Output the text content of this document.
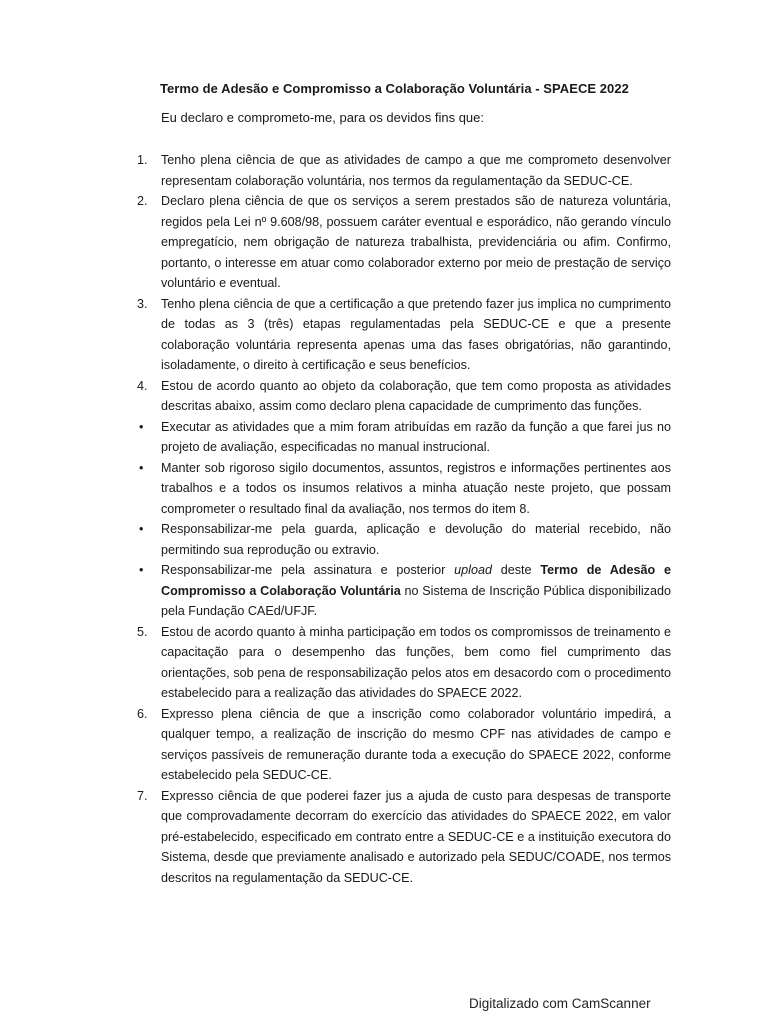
Termo de Adesão e Compromisso a Colaboração Voluntária - SPAECE 2022
Eu declaro e comprometo-me, para os devidos fins que:
1.	Tenho plena ciência de que as atividades de campo a que me comprometo desenvolver representam colaboração voluntária, nos termos da regulamentação da SEDUC-CE.
2.	Declaro plena ciência de que os serviços a serem prestados são de natureza voluntária, regidos pela Lei nº 9.608/98, possuem caráter eventual e esporádico, não gerando vínculo empregatício, nem obrigação de natureza trabalhista, previdenciária ou afim. Confirmo, portanto, o interesse em atuar como colaborador externo por meio de prestação de serviço voluntário e eventual.
3.	Tenho plena ciência de que a certificação a que pretendo fazer jus implica no cumprimento de todas as 3 (três) etapas regulamentadas pela SEDUC-CE e que a presente colaboração voluntária representa apenas uma das fases obrigatórias, não garantindo, isoladamente, o direito à certificação e seus benefícios.
4.	Estou de acordo quanto ao objeto da colaboração, que tem como proposta as atividades descritas abaixo, assim como declaro plena capacidade de cumprimento das funções.
•	Executar as atividades que a mim foram atribuídas em razão da função a que farei jus no projeto de avaliação, especificadas no manual instrucional.
•	Manter sob rigoroso sigilo documentos, assuntos, registros e informações pertinentes aos trabalhos e a todos os insumos relativos a minha atuação neste projeto, que possam comprometer o resultado final da avaliação, nos termos do item 8.
•	Responsabilizar-me pela guarda, aplicação e devolução do material recebido, não permitindo sua reprodução ou extravio.
•	Responsabilizar-me pela assinatura e posterior upload deste Termo de Adesão e Compromisso a Colaboração Voluntária no Sistema de Inscrição Pública disponibilizado pela Fundação CAEd/UFJF.
5.	Estou de acordo quanto à minha participação em todos os compromissos de treinamento e capacitação para o desempenho das funções, bem como fiel cumprimento das orientações, sob pena de responsabilização pelos atos em desacordo com o procedimento estabelecido para a realização das atividades do SPAECE 2022.
6.	Expresso plena ciência de que a inscrição como colaborador voluntário impedirá, a qualquer tempo, a realização de inscrição do mesmo CPF nas atividades de campo e serviços passíveis de remuneração durante toda a execução do SPAECE 2022, conforme estabelecido pela SEDUC-CE.
7.	Expresso ciência de que poderei fazer jus a ajuda de custo para despesas de transporte que comprovadamente decorram do exercício das atividades do SPAECE 2022, em valor pré-estabelecido, especificado em contrato entre a SEDUC-CE e a instituição executora do Sistema, desde que previamente analisado e autorizado pela SEDUC/COADE, nos termos descritos na regulamentação da SEDUC-CE.
Digitalizado com CamScanner
